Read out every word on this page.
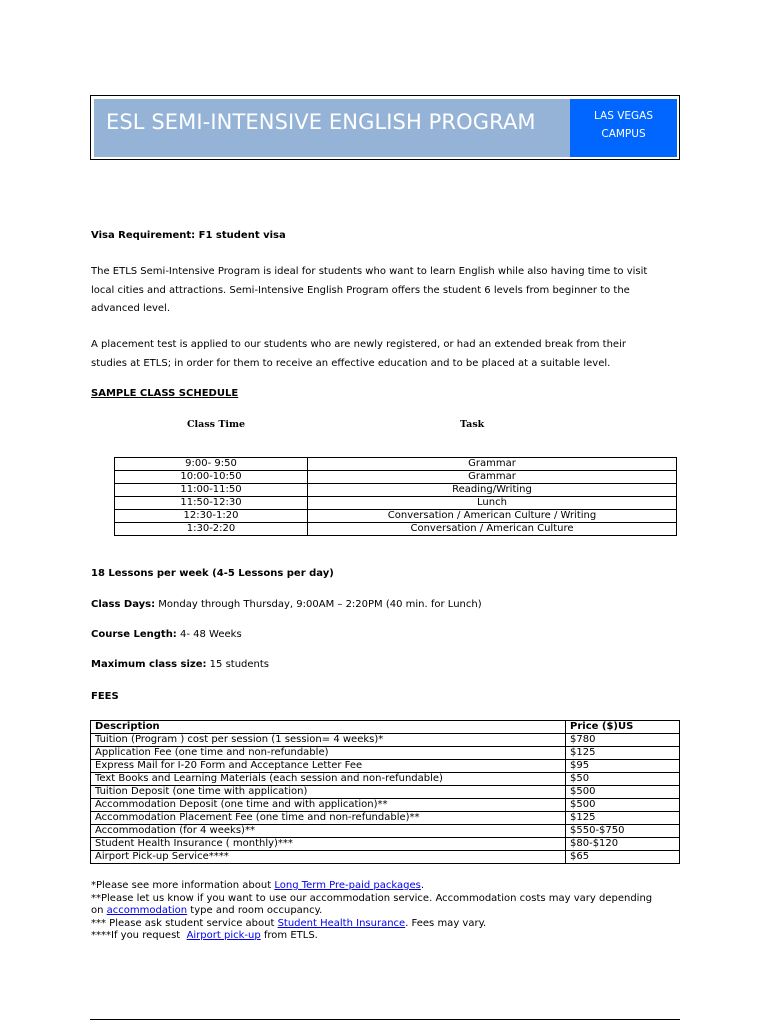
ESL SEMI-INTENSIVE ENGLISH PROGRAM	LAS VEGAS
CAMPUS
Visa Requirement: F1 student visa
The ETLS Semi-Intensive Program is ideal for students who want to learn English while also having time to visit
local cities and attractions. Semi-Intensive English Program offers the student 6 levels from beginner to the
advanced level.
A placement test is applied to our students who are newly registered, or had an extended break from their
studies at ETLS; in order for them to receive an effective education and to be placed at a suitable level.
SAMPLE CLASS SCHEDULE
Class Time	Task
9:00- 9:50	Grammar
10:00-10:50	Grammar
11:00-11:50	Reading/Writing
11:50-12:30	Lunch
12:30-1:20	Conversation / American Culture / Writing
1:30-2:20	Conversation / American Culture
18 Lessons per week (4-5 Lessons per day)
Class Days: Monday through Thursday, 9:00AM – 2:20PM (40 min. for Lunch)
Course Length: 4- 48 Weeks
Maximum class size: 15 students
FEES
Description	Price ($)US
Tuition (Program ) cost per session (1 session= 4 weeks)*	$780
Application Fee (one time and non-refundable)	$125
Express Mail for I-20 Form and Acceptance Letter Fee	$95
Text Books and Learning Materials (each session and non-refundable)	$50
Tuition Deposit (one time with application)	$500
Accommodation Deposit (one time and with application)**	$500
Accommodation Placement Fee (one time and non-refundable)**	$125
Accommodation (for 4 weeks)**	$550-$750
Student Health Insurance ( monthly)***	$80-$120
Airport Pick-up Service****	$65
*Please see more information about Long Term Pre-paid packages.
**Please let us know if you want to use our accommodation service. Accommodation costs may vary depending
on accommodation type and room occupancy.
*** Please ask student service about Student Health Insurance. Fees may vary.
****If you request  Airport pick-up from ETLS.
